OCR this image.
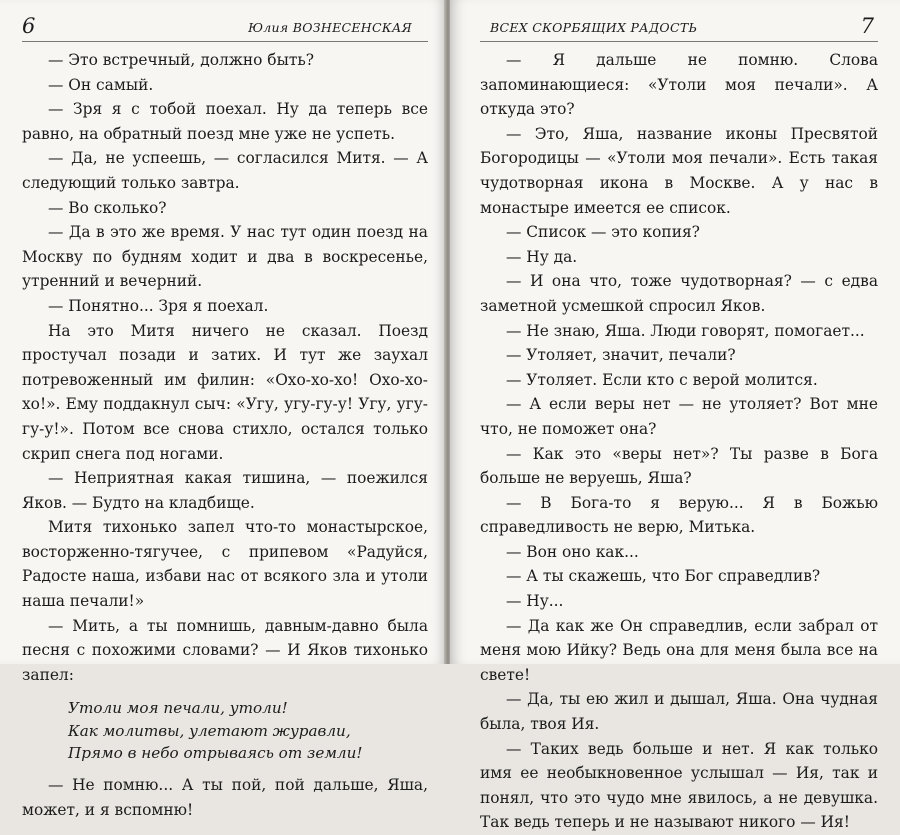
6	Юлия ВОЗНЕСЕНСКАЯ

— Это встречный, должно быть?

— Он самый.

— Зря я с тобой поехал. Ну да теперь все равно, на обратный поезд мне уже не успеть.

— Да, не успеешь, — согласился Митя. — А следующий только завтра.

— Во сколько?

— Да в это же время. У нас тут один поезд на Москву по будням ходит и два в воскресенье, утренний и вечерний.

— Понятно... Зря я поехал.

На это Митя ничего не сказал. Поезд простучал позади и затих. И тут же заухал потревоженный им филин: «Охо-хо-хо! Охо-хо-хо!». Ему поддакнул сыч: «Угу, угу-гу-у! Угу, угу-гу-у!». Потом все снова стихло, остался только скрип снега под ногами.

— Неприятная какая тишина, — поежился Яков. — Будто на кладбище.

Митя тихонько запел что-то монастырское, восторженно-тягучее, с припевом «Радуйся, Радосте наша, избави нас от всякого зла и утоли наша печали!»

— Мить, а ты помнишь, давным-давно была песня с похожими словами? — И Яков тихонько запел:

Утоли моя печали, утоли!

Как молитвы, улетают журавли,

Прямо в небо отрываясь от земли!

— Не помню... А ты пой, пой дальше, Яша, может, и я вспомню!

ВСЕХ СКОРБЯЩИХ РАДОСТЬ	7

— Я дальше не помню. Слова запоминающиеся: «Утоли моя печали». А откуда это?

— Это, Яша, название иконы Пресвятой Богородицы — «Утоли моя печали». Есть такая чудотворная икона в Москве. А у нас в монастыре имеется ее список.

— Список — это копия?

— Ну да.

— И она что, тоже чудотворная? — с едва заметной усмешкой спросил Яков.

— Не знаю, Яша. Люди говорят, помогает...

— Утоляет, значит, печали?

— Утоляет. Если кто с верой молится.

— А если веры нет — не утоляет? Вот мне что, не поможет она?

— Как это «веры нет»? Ты разве в Бога больше не веруешь, Яша?

— В Бога-то я верую... Я в Божью справедливость не верю, Митька.

— Вон оно как...

— А ты скажешь, что Бог справедлив?

— Ну...

— Да как же Он справедлив, если забрал от меня мою Ийку? Ведь она для меня была все на свете!

— Да, ты ею жил и дышал, Яша. Она чудная была, твоя Ия.

— Таких ведь больше и нет. Я как только имя ее необыкновенное услышал — Ия, так и понял, что это чудо мне явилось, а не девушка. Так ведь теперь и не называют никого — Ия!
